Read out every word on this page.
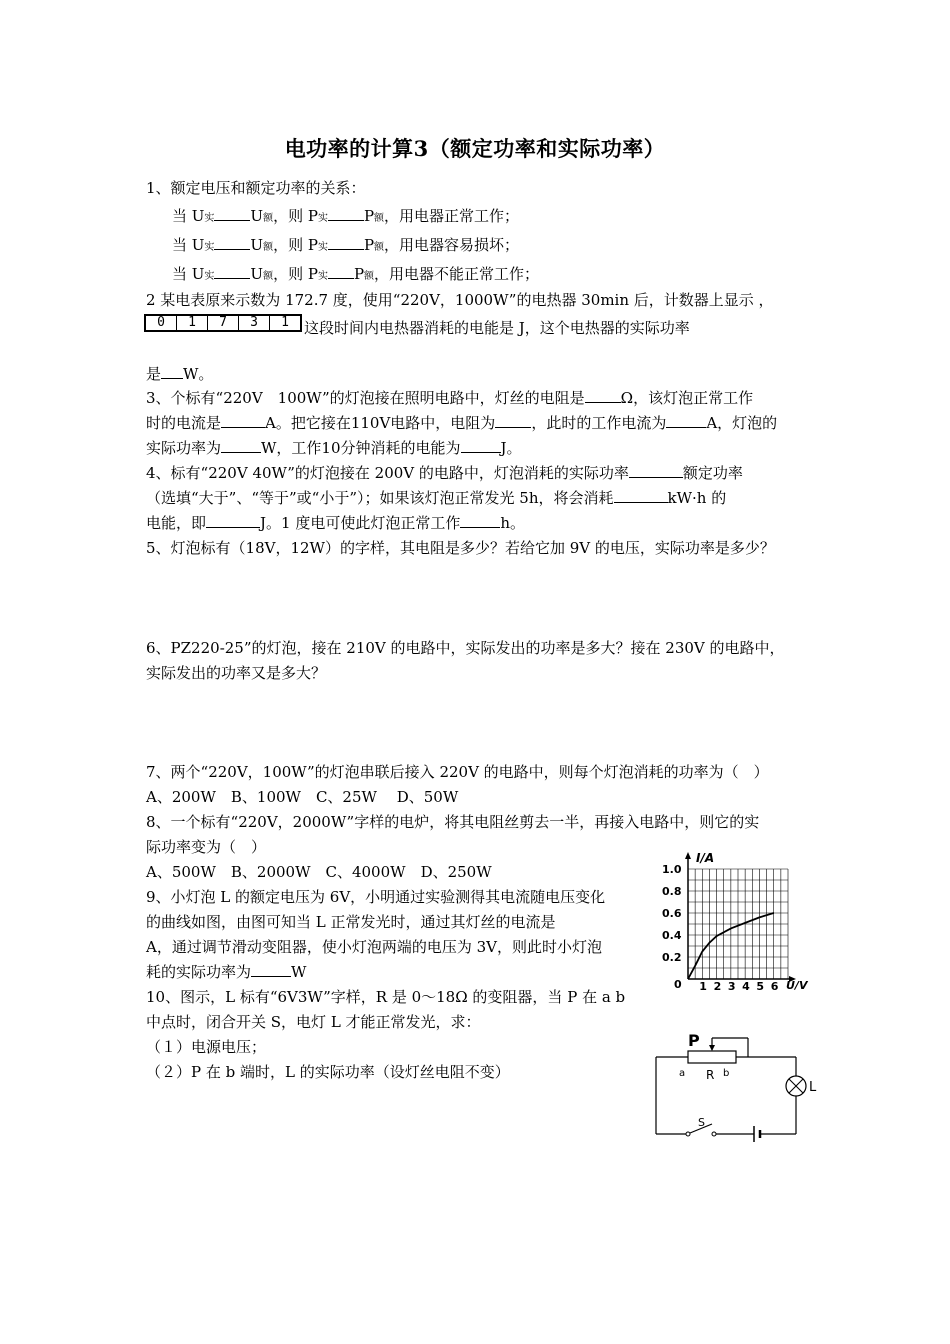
电功率的计算3（额定功率和实际功率）
1、额定电压和额定功率的关系：
当 U实 U额，则 P实 P额，用电器正常工作；
当 U实 U额，则 P实 P额，用电器容易损坏；
当 U实 U额，则 P实 P额，用电器不能正常工作；
2 某电表原来示数为 172.7 度，使用“220V，1000W”的电热器 30min 后，计数器上显示 ，
0	1	7	3	1	这段时间内电热器消耗的电能是 J，这个电热器的实际功率
是 W。
3、个标有“220V　100W”的灯泡接在照明电路中，灯丝的电阻是 Ω，该灯泡正常工作
时的电流是	A。把它接在110V电路中，电阻为 ，此时的工作电流为	A，灯泡的
实际功率为	W，工作10分钟消耗的电能为	J。
4、标有“220V 40W”的灯泡接在 200V 的电路中，灯泡消耗的实际功率	额定功率
（选填“大于”、“等于”或“小于”）；如果该灯泡正常发光 5h，将会消耗	kW·h 的
电能，即	J。1 度电可使此灯泡正常工作	h。
5、灯泡标有（18V，12W）的字样，其电阻是多少？若给它加 9V 的电压，实际功率是多少？
6、PZ220-25”的灯泡，接在 210V 的电路中，实际发出的功率是多大？接在 230V 的电路中，
实际发出的功率又是多大？
7、两个“220V，100W”的灯泡串联后接入 220V 的电路中，则每个灯泡消耗的功率为（　）
A、200W　B、100W　C、25W　 D、50W
8、一个标有“220V，2000W”字样的电炉，将其电阻丝剪去一半，再接入电路中，则它的实
际功率变为（　）
A、500W　B、2000W　C、4000W　D、250W
9、小灯泡 L 的额定电压为 6V，小明通过实验测得其电流随电压变化
的曲线如图，由图可知当 L 正常发光时，通过其灯丝的电流是
A，通过调节滑动变阻器，使小灯泡两端的电压为 3V，则此时小灯泡
耗的实际功率为	W
10、图示，L 标有“6V3W”字样，R 是 0～18Ω 的变阻器，当 P 在 a b
中点时，闭合开关 S，电灯 L 才能正常发光，求：
（１）电源电压；
（２）P 在 b 端时，L 的实际功率（设灯丝电阻不变）
I/A
U/V
0
1.0
0.8
0.6
0.4
0.2
1 2 3 4 5 6
P
a R b
L
S
